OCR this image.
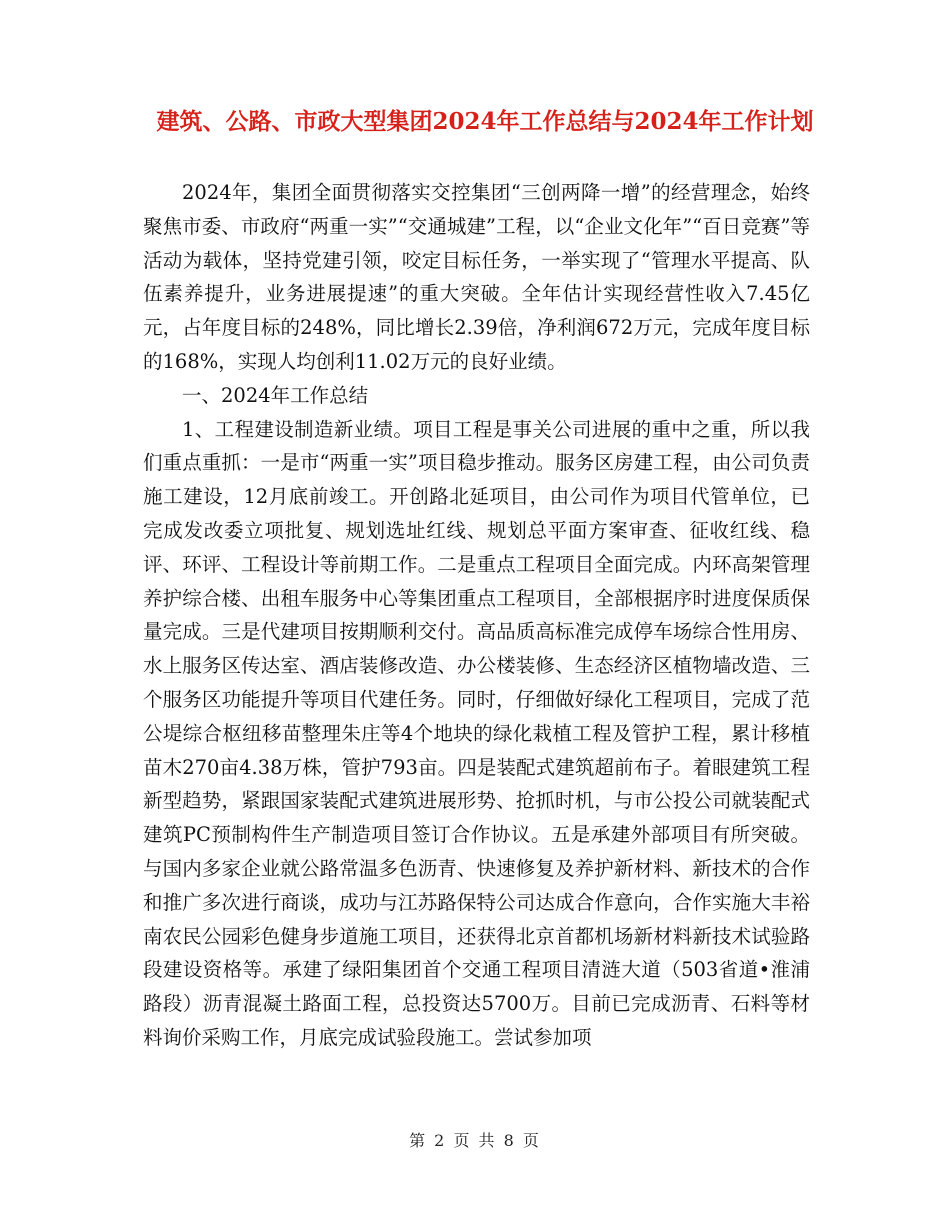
建筑、公路、市政大型集团2024年工作总结与2024年工作计划

2024年，集团全面贯彻落实交控集团“三创两降一增”的经营理念，始终聚焦市委、市政府“两重一实”“交通城建”工程，以“企业文化年”“百日竞赛”等活动为载体，坚持党建引领，咬定目标任务，一举实现了“管理水平提高、队伍素养提升，业务进展提速”的重大突破。全年估计实现经营性收入7.45亿元，占年度目标的248%，同比增长2.39倍，净利润672万元，完成年度目标的168%，实现人均创利11.02万元的良好业绩。

一、2024年工作总结

1、工程建设制造新业绩。项目工程是事关公司进展的重中之重，所以我们重点重抓：一是市“两重一实”项目稳步推动。服务区房建工程，由公司负责施工建设，12月底前竣工。开创路北延项目，由公司作为项目代管单位，已完成发改委立项批复、规划选址红线、规划总平面方案审查、征收红线、稳评、环评、工程设计等前期工作。二是重点工程项目全面完成。内环高架管理养护综合楼、出租车服务中心等集团重点工程项目，全部根据序时进度保质保量完成。三是代建项目按期顺利交付。高品质高标准完成停车场综合性用房、水上服务区传达室、酒店装修改造、办公楼装修、生态经济区植物墙改造、三个服务区功能提升等项目代建任务。同时，仔细做好绿化工程项目，完成了范公堤综合枢纽移苗整理朱庄等4个地块的绿化栽植工程及管护工程，累计移植苗木270亩4.38万株，管护793亩。四是装配式建筑超前布子。着眼建筑工程新型趋势，紧跟国家装配式建筑进展形势、抢抓时机，与市公投公司就装配式建筑PC预制构件生产制造项目签订合作协议。五是承建外部项目有所突破。与国内多家企业就公路常温多色沥青、快速修复及养护新材料、新技术的合作和推广多次进行商谈，成功与江苏路保特公司达成合作意向，合作实施大丰裕南农民公园彩色健身步道施工项目，还获得北京首都机场新材料新技术试验路段建设资格等。承建了绿阳集团首个交通工程项目清涟大道（503省道•淮浦路段）沥青混凝土路面工程，总投资达5700万。目前已完成沥青、石料等材料询价采购工作，月底完成试验段施工。尝试参加项

第 2 页 共 8 页
